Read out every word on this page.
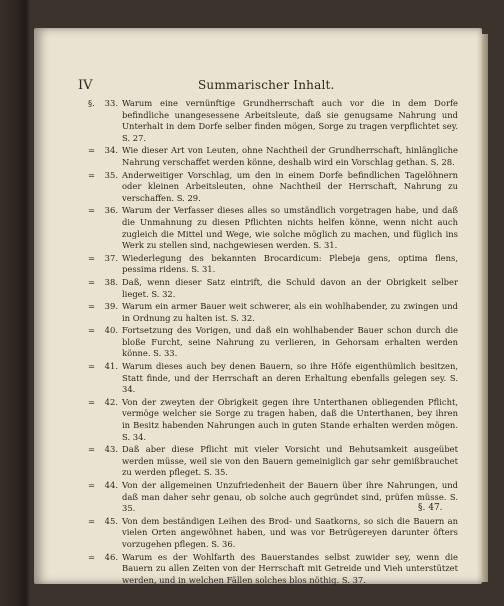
IV	Summarischer Inhalt.
§.	33. Warum eine vernünftige Grundherrschaft auch vor die in dem Dorfe befindliche unangesessene Arbeitsleute, daß sie genugsame Nahrung und Unterhalt in dem Dorfe selber finden mögen, Sorge zu tragen verpflichtet sey. S. 27.
=	34. Wie dieser Art von Leuten, ohne Nachtheil der Grundherrschaft, hinlängliche Nahrung verschaffet werden könne, deshalb wird ein Vorschlag gethan. S. 28.
=	35. Anderweitiger Vorschlag, um den in einem Dorfe befindlichen Tagelöhnern oder kleinen Arbeitsleuten, ohne Nachtheil der Herrschaft, Nahrung zu verschaffen. S. 29.
=	36. Warum der Verfasser dieses alles so umständlich vorgetragen habe, und daß die Unmahnung zu diesen Pflichten nichts helfen könne, wenn nicht auch zugleich die Mittel und Wege, wie solche möglich zu machen, und füglich ins Werk zu stellen sind, nachgewiesen werden. S. 31.
=	37. Wiederlegung des bekannten Brocardicum: Plebeja gens, optima flens, pessima ridens. S. 31.
=	38. Daß, wenn dieser Satz eintrift, die Schuld davon an der Obrigkeit selber lieget. S. 32.
=	39. Warum ein armer Bauer weit schwerer, als ein wohlhabender, zu zwingen und in Ordnung zu halten ist. S. 32.
=	40. Fortsetzung des Vorigen, und daß ein wohlhabender Bauer schon durch die bloße Furcht, seine Nahrung zu verlieren, in Gehorsam erhalten werden könne. S. 33.
=	41. Warum dieses auch bey denen Bauern, so ihre Höfe eigenthümlich besitzen, Statt finde, und der Herrschaft an deren Erhaltung ebenfalls gelegen sey. S. 34.
=	42. Von der zweyten der Obrigkeit gegen ihre Unterthanen obliegenden Pflicht, vermöge welcher sie Sorge zu tragen haben, daß die Unterthanen, bey ihren in Besitz habenden Nahrungen auch in guten Stande erhalten werden mögen. S. 34.
=	43. Daß aber diese Pflicht mit vieler Vorsicht und Behutsamkeit ausgeübet werden müsse, weil sie von den Bauern gemeiniglich gar sehr gemißbrauchet zu werden pfleget. S. 35.
=	44. Von der allgemeinen Unzufriedenheit der Bauern über ihre Nahrungen, und daß man daher sehr genau, ob solche auch gegründet sind, prüfen müsse. S. 35.
=	45. Von dem beständigen Leihen des Brod- und Saatkorns, so sich die Bauern an vielen Orten angewöhnet haben, und was vor Betrügereyen darunter öfters vorzugehen pflegen. S. 36.
=	46. Warum es der Wohlfarth des Bauerstandes selbst zuwider sey, wenn die Bauern zu allen Zeiten von der Herrschaft mit Getreide und Vieh unterstützet werden, und in welchen Fällen solches blos nöthig. S. 37.
§. 47.
